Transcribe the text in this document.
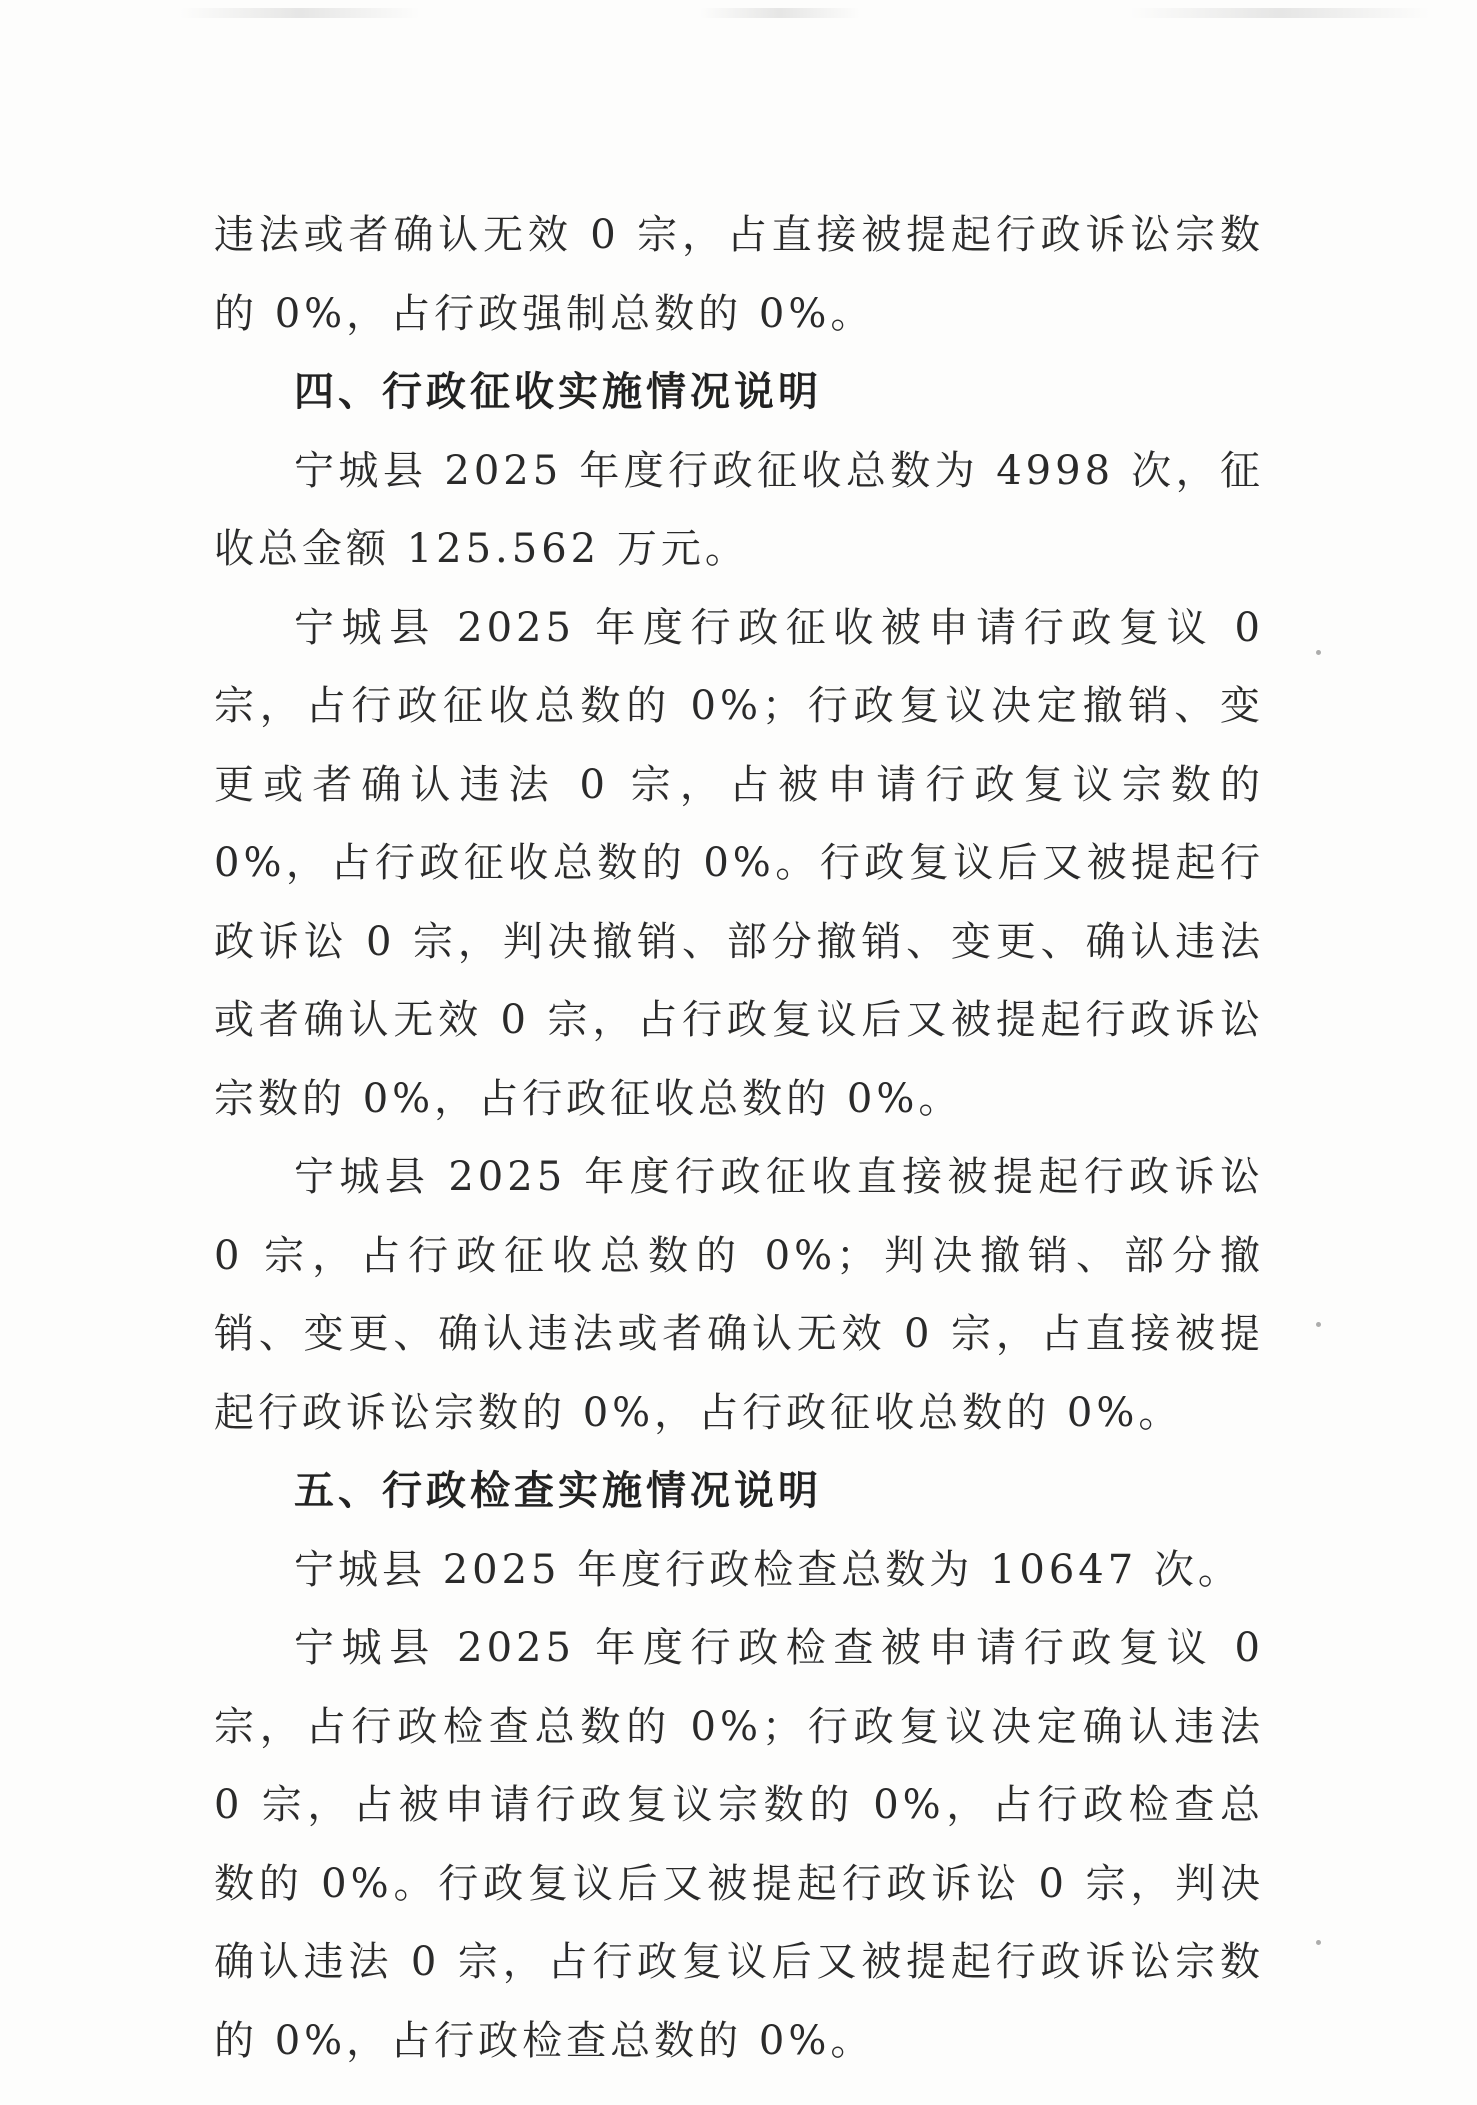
违法或者确认无效 0 宗，占直接被提起行政诉讼宗数的 0%，占行政强制总数的 0%。

四、行政征收实施情况说明

宁城县 2025 年度行政征收总数为 4998 次，征收总金额 125.562 万元。

宁城县 2025 年度行政征收被申请行政复议 0 宗，占行政征收总数的 0%；行政复议决定撤销、变更或者确认违法 0 宗，占被申请行政复议宗数的 0%，占行政征收总数的 0%。行政复议后又被提起行政诉讼 0 宗，判决撤销、部分撤销、变更、确认违法或者确认无效 0 宗，占行政复议后又被提起行政诉讼宗数的 0%，占行政征收总数的 0%。

宁城县 2025 年度行政征收直接被提起行政诉讼 0 宗，占行政征收总数的 0%；判决撤销、部分撤销、变更、确认违法或者确认无效 0 宗，占直接被提起行政诉讼宗数的 0%，占行政征收总数的 0%。

五、行政检查实施情况说明

宁城县 2025 年度行政检查总数为 10647 次。

宁城县 2025 年度行政检查被申请行政复议 0 宗，占行政检查总数的 0%；行政复议决定确认违法 0 宗，占被申请行政复议宗数的 0%，占行政检查总数的 0%。行政复议后又被提起行政诉讼 0 宗，判决确认违法 0 宗，占行政复议后又被提起行政诉讼宗数的 0%，占行政检查总数的 0%。
